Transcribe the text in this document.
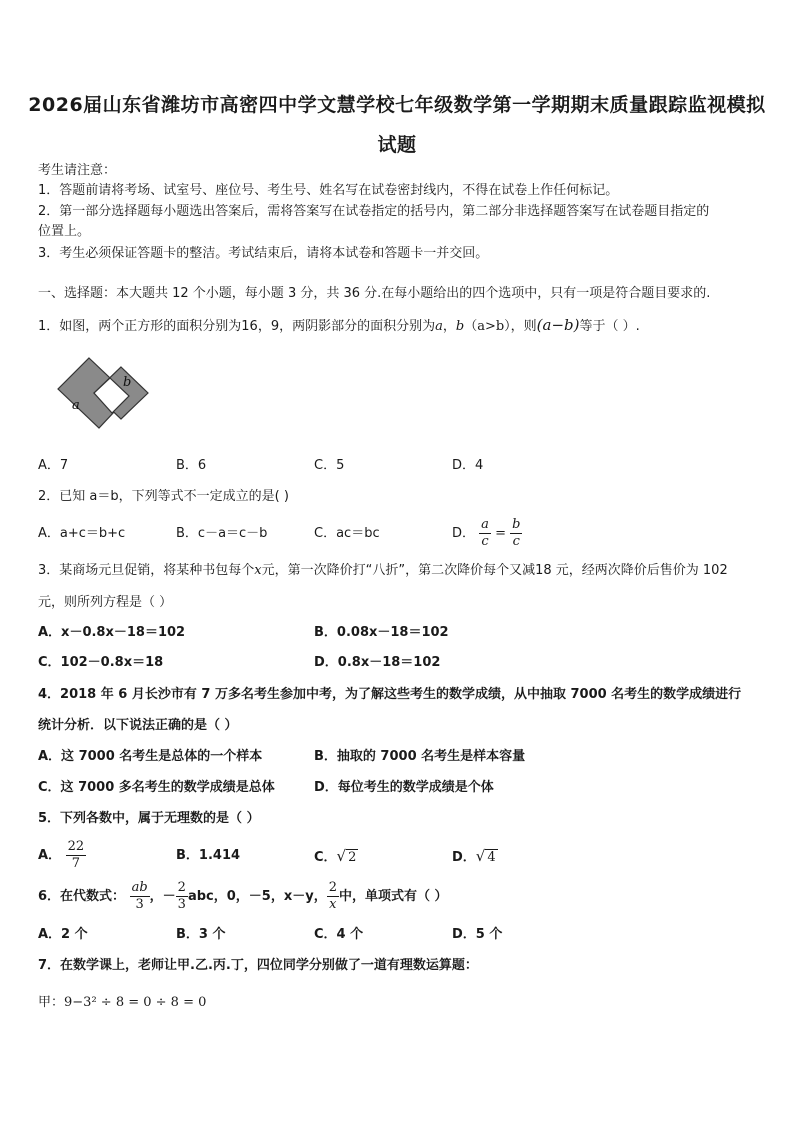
2026届山东省潍坊市高密四中学文慧学校七年级数学第一学期期末质量跟踪监视模拟
试题
考生请注意：
1．答题前请将考场、试室号、座位号、考生号、姓名写在试卷密封线内，不得在试卷上作任何标记。
2．第一部分选择题每小题选出答案后，需将答案写在试卷指定的括号内，第二部分非选择题答案写在试卷题目指定的
位置上。
3．考生必须保证答题卡的整洁。考试结束后，请将本试卷和答题卡一并交回。
一、选择题：本大题共 12 个小题，每小题 3 分，共 36 分.在每小题给出的四个选项中，只有一项是符合题目要求的.
1．如图，两个正方形的面积分别为16，9，两阴影部分的面积分别为a，b（a>b），则(a−b)等于（ ）.
a
b
A．7	B．6	C．5	D．4
2．已知 a＝b，下列等式不一定成立的是( )
A．a+c＝b+c	B．c－a＝c－b	C．ac＝bc	D． $\frac{a}{c} = \frac{b}{c}$
3．某商场元旦促销，将某种书包每个x元，第一次降价打“八折”，第二次降价每个又减18 元，经两次降价后售价为 102
元，则所列方程是（ ）
A．x－0.8x－18＝102	B．0.08x－18＝102
C．102－0.8x＝18	D．0.8x－18＝102
4．2018 年 6 月长沙市有 7 万多名考生参加中考，为了解这些考生的数学成绩，从中抽取 7000 名考生的数学成绩进行
统计分析．以下说法正确的是（ ）
A．这 7000 名考生是总体的一个样本	B．抽取的 7000 名考生是样本容量
C．这 7000 多名考生的数学成绩是总体	D．每位考生的数学成绩是个体
5．下列各数中，属于无理数的是（ ）
A． $\frac{22}{7}$	B．1.414	C．√ 2	D．√ 4
6．在代数式： $\frac{ab}{3}$ ，－ $\frac{2}{3}$ abc，0，－5，x－y， $\frac{2}{x}$ 中，单项式有（ ）
A．2 个	B．3 个	C．4 个	D．5 个
7．在数学课上，老师让甲.乙.丙.丁，四位同学分别做了一道有理数运算题：
甲：9−3² ÷ 8 = 0 ÷ 8 = 0
